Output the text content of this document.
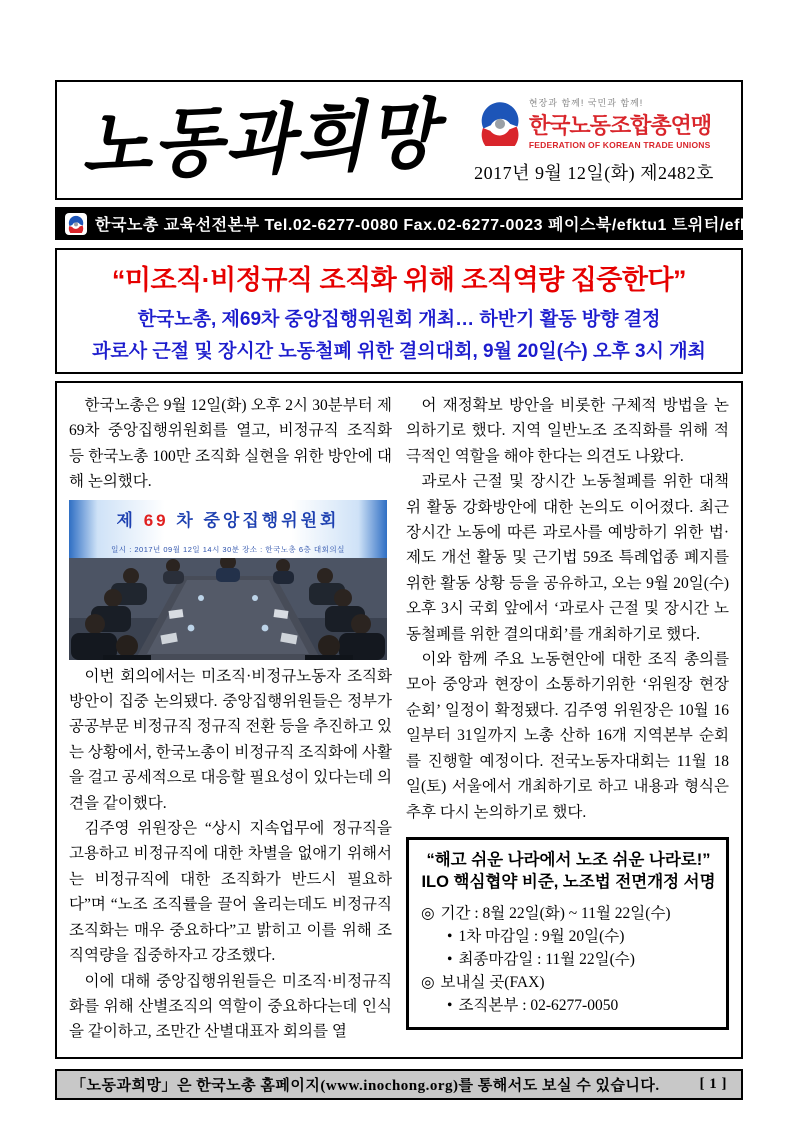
노동과희망	현장과 함께! 국민과 함께!
한국노동조합총연맹
FEDERATION OF KOREAN TRADE UNIONS
2017년 9월 12일(화) 제2482호
한국노총 교육선전본부 Tel.02-6277-0080 Fax.02-6277-0023 페이스북/efktu1 트위터/efktu
“미조직·비정규직 조직화 위해 조직역량 집중한다”
한국노총, 제69차 중앙집행위원회 개최… 하반기 활동 방향 결정
과로사 근절 및 장시간 노동철폐 위한 결의대회, 9월 20일(수) 오후 3시 개최

한국노총은 9월 12일(화) 오후 2시 30분부터 제69차 중앙집행위원회를 열고, 비정규직 조직화 등 한국노총 100만 조직화 실현을 위한 방안에 대해 논의했다.

제 69 차 중앙집행위원회
일시 : 2017년 09월 12일 14시 30분 장소 : 한국노총 6층 대회의실

이번 회의에서는 미조직·비정규노동자 조직화 방안이 집중 논의됐다. 중앙집행위원들은 정부가 공공부문 비정규직 정규직 전환 등을 추진하고 있는 상황에서, 한국노총이 비정규직 조직화에 사활을 걸고 공세적으로 대응할 필요성이 있다는데 의견을 같이했다.

김주영 위원장은 “상시 지속업무에 정규직을 고용하고 비정규직에 대한 차별을 없애기 위해서는 비정규직에 대한 조직화가 반드시 필요하다”며 “노조 조직률을 끌어 올리는데도 비정규직 조직화는 매우 중요하다”고 밝히고 이를 위해 조직역량을 집중하자고 강조했다.

이에 대해 중앙집행위원들은 미조직·비정규직화를 위해 산별조직의 역할이 중요하다는데 인식을 같이하고, 조만간 산별대표자 회의를 열

어 재정확보 방안을 비롯한 구체적 방법을 논의하기로 했다. 지역 일반노조 조직화를 위해 적극적인 역할을 해야 한다는 의견도 나왔다.

과로사 근절 및 장시간 노동철폐를 위한 대책위 활동 강화방안에 대한 논의도 이어졌다. 최근 장시간 노동에 따른 과로사를 예방하기 위한 법·제도 개선 활동 및 근기법 59조 특례업종 폐지를 위한 활동 상황 등을 공유하고, 오는 9월 20일(수) 오후 3시 국회 앞에서 ‘과로사 근절 및 장시간 노동철폐를 위한 결의대회’를 개최하기로 했다.

이와 함께 주요 노동현안에 대한 조직 총의를 모아 중앙과 현장이 소통하기위한 ‘위원장 현장 순회’ 일정이 확정됐다. 김주영 위원장은 10월 16일부터 31일까지 노총 산하 16개 지역본부 순회를 진행할 예정이다. 전국노동자대회는 11월 18일(토) 서울에서 개최하기로 하고 내용과 형식은 추후 다시 논의하기로 했다.

“해고 쉬운 나라에서 노조 쉬운 나라로!”
ILO 핵심협약 비준, 노조법 전면개정 서명
◎ 기간 : 8월 22일(화) ~ 11월 22일(수)
• 1차 마감일 : 9월 20일(수)
• 최종마감일 : 11월 22일(수)
◎ 보내실 곳(FAX)
• 조직본부 : 02-6277-0050
「노동과희망」은 한국노총 홈페이지(www.inochong.org)를 통해서도 보실 수 있습니다.	[ 1 ]
